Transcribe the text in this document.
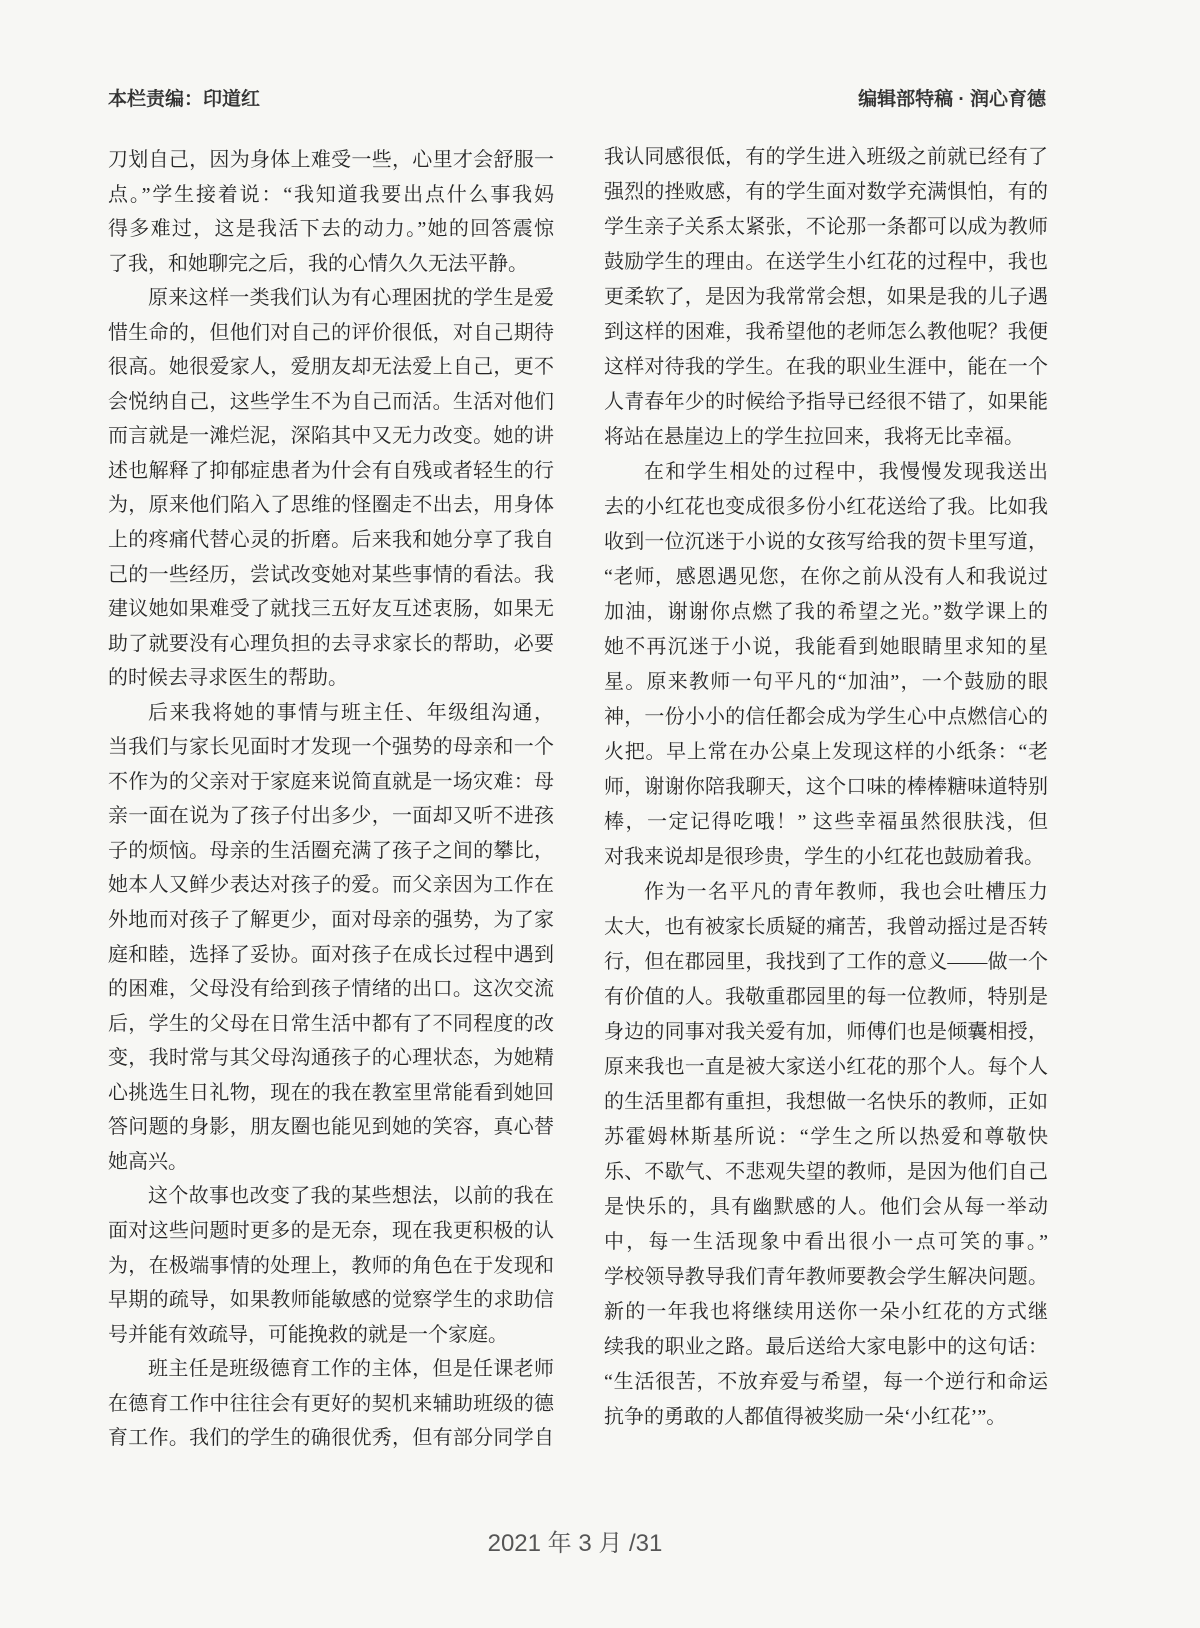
本栏责编：印道红	编辑部特稿 · 润心育德
刀划自己，因为身体上难受一些，心里才会舒服一
点。”学生接着说：“我知道我要出点什么事我妈
得多难过，这是我活下去的动力。”她的回答震惊
了我，和她聊完之后，我的心情久久无法平静。
原来这样一类我们认为有心理困扰的学生是爱
惜生命的，但他们对自己的评价很低，对自己期待
很高。她很爱家人，爱朋友却无法爱上自己，更不
会悦纳自己，这些学生不为自己而活。生活对他们
而言就是一滩烂泥，深陷其中又无力改变。她的讲
述也解释了抑郁症患者为什会有自残或者轻生的行
为，原来他们陷入了思维的怪圈走不出去，用身体
上的疼痛代替心灵的折磨。后来我和她分享了我自
己的一些经历，尝试改变她对某些事情的看法。我
建议她如果难受了就找三五好友互述衷肠，如果无
助了就要没有心理负担的去寻求家长的帮助，必要
的时候去寻求医生的帮助。
后来我将她的事情与班主任、年级组沟通，
当我们与家长见面时才发现一个强势的母亲和一个
不作为的父亲对于家庭来说简直就是一场灾难：母
亲一面在说为了孩子付出多少，一面却又听不进孩
子的烦恼。母亲的生活圈充满了孩子之间的攀比，
她本人又鲜少表达对孩子的爱。而父亲因为工作在
外地而对孩子了解更少，面对母亲的强势，为了家
庭和睦，选择了妥协。面对孩子在成长过程中遇到
的困难，父母没有给到孩子情绪的出口。这次交流
后，学生的父母在日常生活中都有了不同程度的改
变，我时常与其父母沟通孩子的心理状态，为她精
心挑选生日礼物，现在的我在教室里常能看到她回
答问题的身影，朋友圈也能见到她的笑容，真心替
她高兴。
这个故事也改变了我的某些想法，以前的我在
面对这些问题时更多的是无奈，现在我更积极的认
为，在极端事情的处理上，教师的角色在于发现和
早期的疏导，如果教师能敏感的觉察学生的求助信
号并能有效疏导，可能挽救的就是一个家庭。
班主任是班级德育工作的主体，但是任课老师
在德育工作中往往会有更好的契机来辅助班级的德
育工作。我们的学生的确很优秀，但有部分同学自
我认同感很低，有的学生进入班级之前就已经有了
强烈的挫败感，有的学生面对数学充满惧怕，有的
学生亲子关系太紧张，不论那一条都可以成为教师
鼓励学生的理由。在送学生小红花的过程中，我也
更柔软了，是因为我常常会想，如果是我的儿子遇
到这样的困难，我希望他的老师怎么教他呢？我便
这样对待我的学生。在我的职业生涯中，能在一个
人青春年少的时候给予指导已经很不错了，如果能
将站在悬崖边上的学生拉回来，我将无比幸福。
在和学生相处的过程中，我慢慢发现我送出
去的小红花也变成很多份小红花送给了我。比如我
收到一位沉迷于小说的女孩写给我的贺卡里写道，
“老师，感恩遇见您，在你之前从没有人和我说过
加油，谢谢你点燃了我的希望之光。”数学课上的
她不再沉迷于小说，我能看到她眼睛里求知的星
星。原来教师一句平凡的“加油”，一个鼓励的眼
神，一份小小的信任都会成为学生心中点燃信心的
火把。早上常在办公桌上发现这样的小纸条：“老
师，谢谢你陪我聊天，这个口味的棒棒糖味道特别
棒，一定记得吃哦！” 这些幸福虽然很肤浅，但
对我来说却是很珍贵，学生的小红花也鼓励着我。
作为一名平凡的青年教师，我也会吐槽压力
太大，也有被家长质疑的痛苦，我曾动摇过是否转
行，但在郡园里，我找到了工作的意义——做一个
有价值的人。我敬重郡园里的每一位教师，特别是
身边的同事对我关爱有加，师傅们也是倾囊相授，
原来我也一直是被大家送小红花的那个人。每个人
的生活里都有重担，我想做一名快乐的教师，正如
苏霍姆林斯基所说：“学生之所以热爱和尊敬快
乐、不歇气、不悲观失望的教师，是因为他们自己
是快乐的，具有幽默感的人。他们会从每一举动
中，每一生活现象中看出很小一点可笑的事。”
学校领导教导我们青年教师要教会学生解决问题。
新的一年我也将继续用送你一朵小红花的方式继
续我的职业之路。最后送给大家电影中的这句话：
“生活很苦，不放弃爱与希望，每一个逆行和命运
抗争的勇敢的人都值得被奖励一朵‘小红花’”。
2021 年 3 月 /31
